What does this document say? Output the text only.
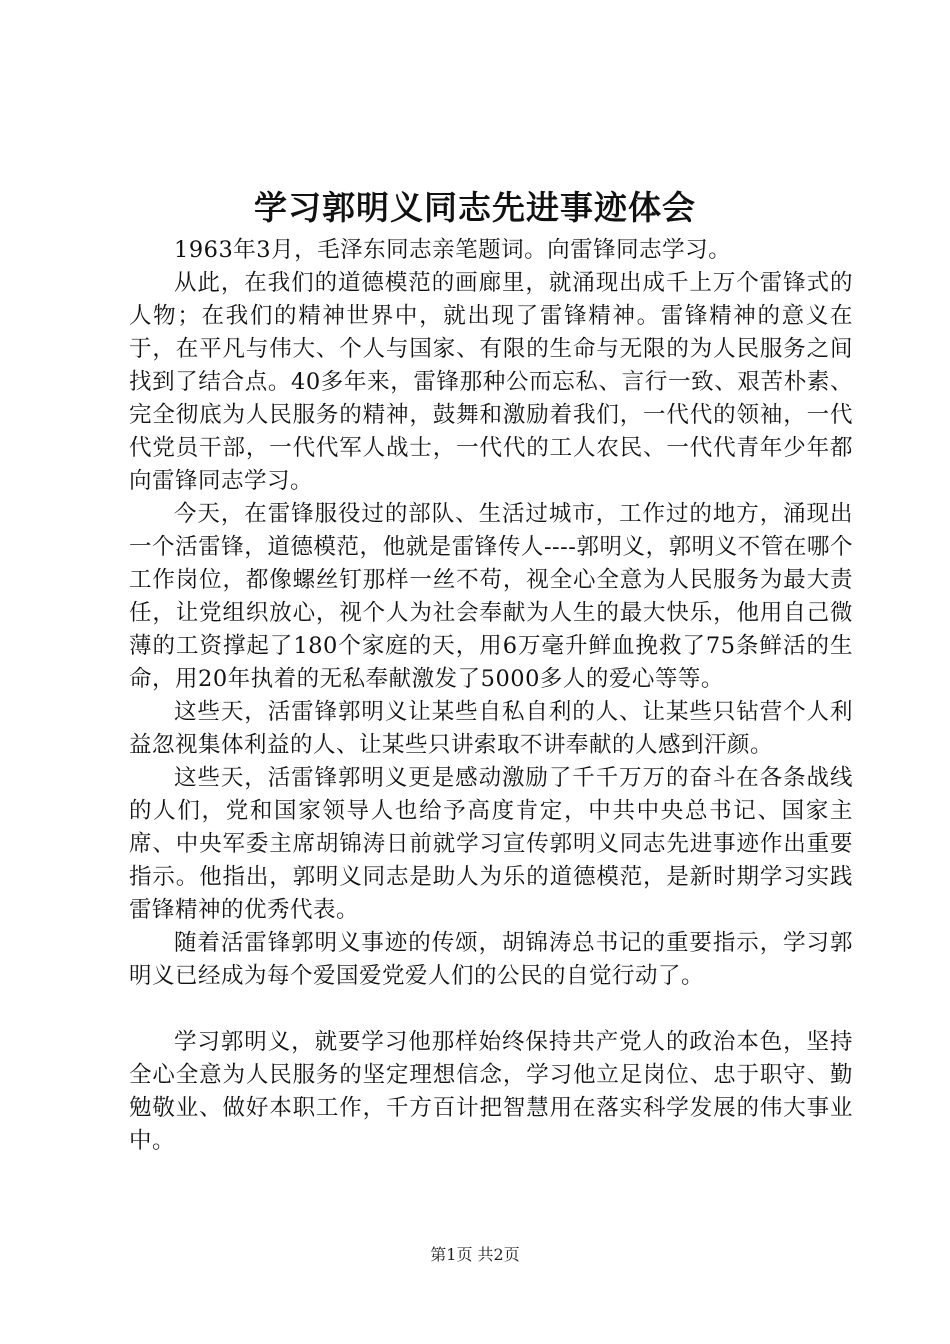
学习郭明义同志先进事迹体会

1963年3月，毛泽东同志亲笔题词。向雷锋同志学习。

从此，在我们的道德模范的画廊里，就涌现出成千上万个雷锋式的人物；在我们的精神世界中，就出现了雷锋精神。雷锋精神的意义在于，在平凡与伟大、个人与国家、有限的生命与无限的为人民服务之间找到了结合点。40多年来，雷锋那种公而忘私、言行一致、艰苦朴素、完全彻底为人民服务的精神，鼓舞和激励着我们，一代代的领袖，一代代党员干部，一代代军人战士，一代代的工人农民、一代代青年少年都向雷锋同志学习。

今天，在雷锋服役过的部队、生活过城市，工作过的地方，涌现出一个活雷锋，道德模范，他就是雷锋传人----郭明义，郭明义不管在哪个工作岗位，都像螺丝钉那样一丝不苟，视全心全意为人民服务为最大责任，让党组织放心，视个人为社会奉献为人生的最大快乐，他用自己微薄的工资撑起了180个家庭的天，用6万毫升鲜血挽救了75条鲜活的生命，用20年执着的无私奉献激发了5000多人的爱心等等。

这些天，活雷锋郭明义让某些自私自利的人、让某些只钻营个人利益忽视集体利益的人、让某些只讲索取不讲奉献的人感到汗颜。

这些天，活雷锋郭明义更是感动激励了千千万万的奋斗在各条战线的人们，党和国家领导人也给予高度肯定，中共中央总书记、国家主席、中央军委主席胡锦涛日前就学习宣传郭明义同志先进事迹作出重要指示。他指出，郭明义同志是助人为乐的道德模范，是新时期学习实践雷锋精神的优秀代表。

随着活雷锋郭明义事迹的传颂，胡锦涛总书记的重要指示，学习郭明义已经成为每个爱国爱党爱人们的公民的自觉行动了。

学习郭明义，就要学习他那样始终保持共产党人的政治本色，坚持全心全意为人民服务的坚定理想信念，学习他立足岗位、忠于职守、勤勉敬业、做好本职工作，千方百计把智慧用在落实科学发展的伟大事业中。

第1页 共2页
